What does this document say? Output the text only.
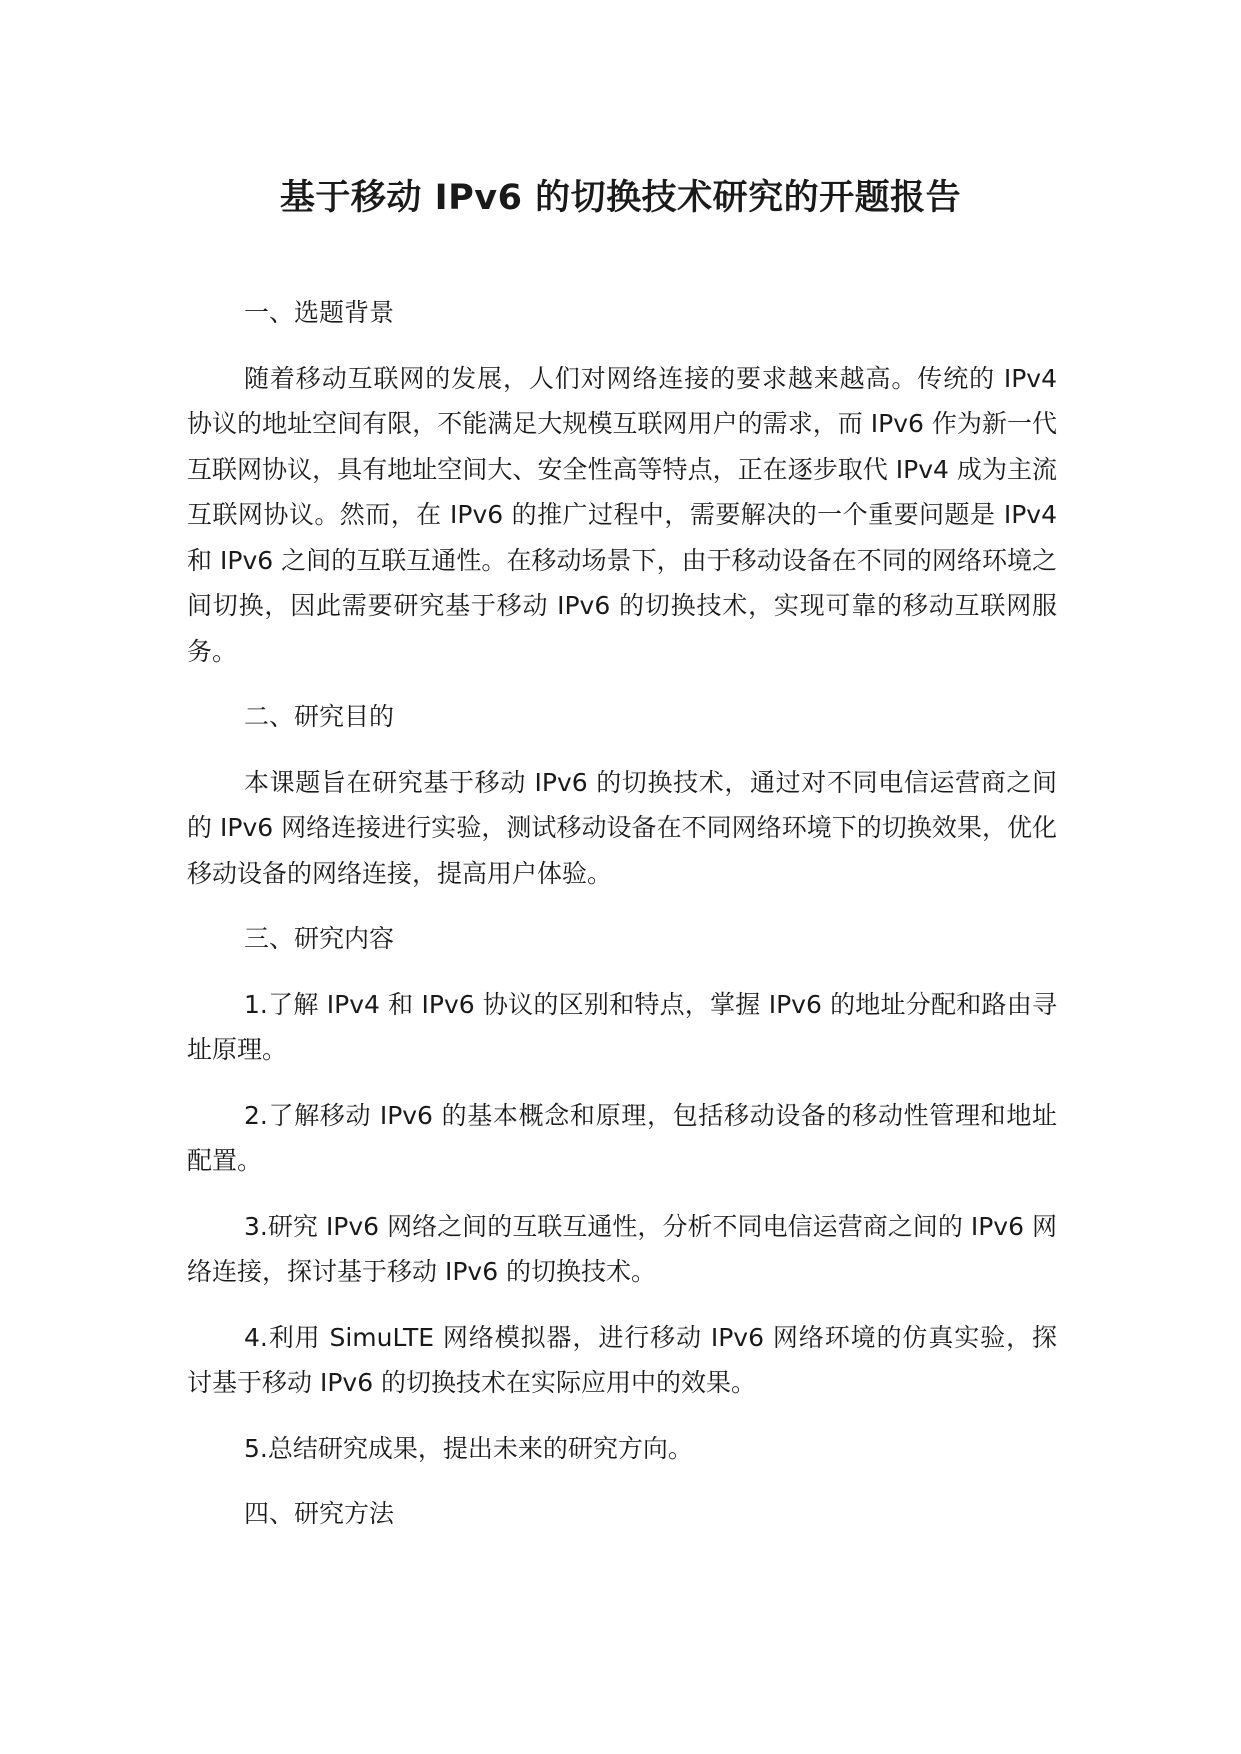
基于移动 IPv6 的切换技术研究的开题报告

一、选题背景

随着移动互联网的发展，人们对网络连接的要求越来越高。传统的 IPv4 协议的地址空间有限，不能满足大规模互联网用户的需求，而 IPv6 作为新一代互联网协议，具有地址空间大、安全性高等特点，正在逐步取代 IPv4 成为主流互联网协议。然而，在 IPv6 的推广过程中，需要解决的一个重要问题是 IPv4 和 IPv6 之间的互联互通性。在移动场景下，由于移动设备在不同的网络环境之间切换，因此需要研究基于移动 IPv6 的切换技术，实现可靠的移动互联网服务。

二、研究目的

本课题旨在研究基于移动 IPv6 的切换技术，通过对不同电信运营商之间的 IPv6 网络连接进行实验，测试移动设备在不同网络环境下的切换效果，优化移动设备的网络连接，提高用户体验。

三、研究内容

1.了解 IPv4 和 IPv6 协议的区别和特点，掌握 IPv6 的地址分配和路由寻址原理。

2.了解移动 IPv6 的基本概念和原理，包括移动设备的移动性管理和地址配置。

3.研究 IPv6 网络之间的互联互通性，分析不同电信运营商之间的 IPv6 网络连接，探讨基于移动 IPv6 的切换技术。

4.利用 SimuLTE 网络模拟器，进行移动 IPv6 网络环境的仿真实验，探讨基于移动 IPv6 的切换技术在实际应用中的效果。

5.总结研究成果，提出未来的研究方向。

四、研究方法
